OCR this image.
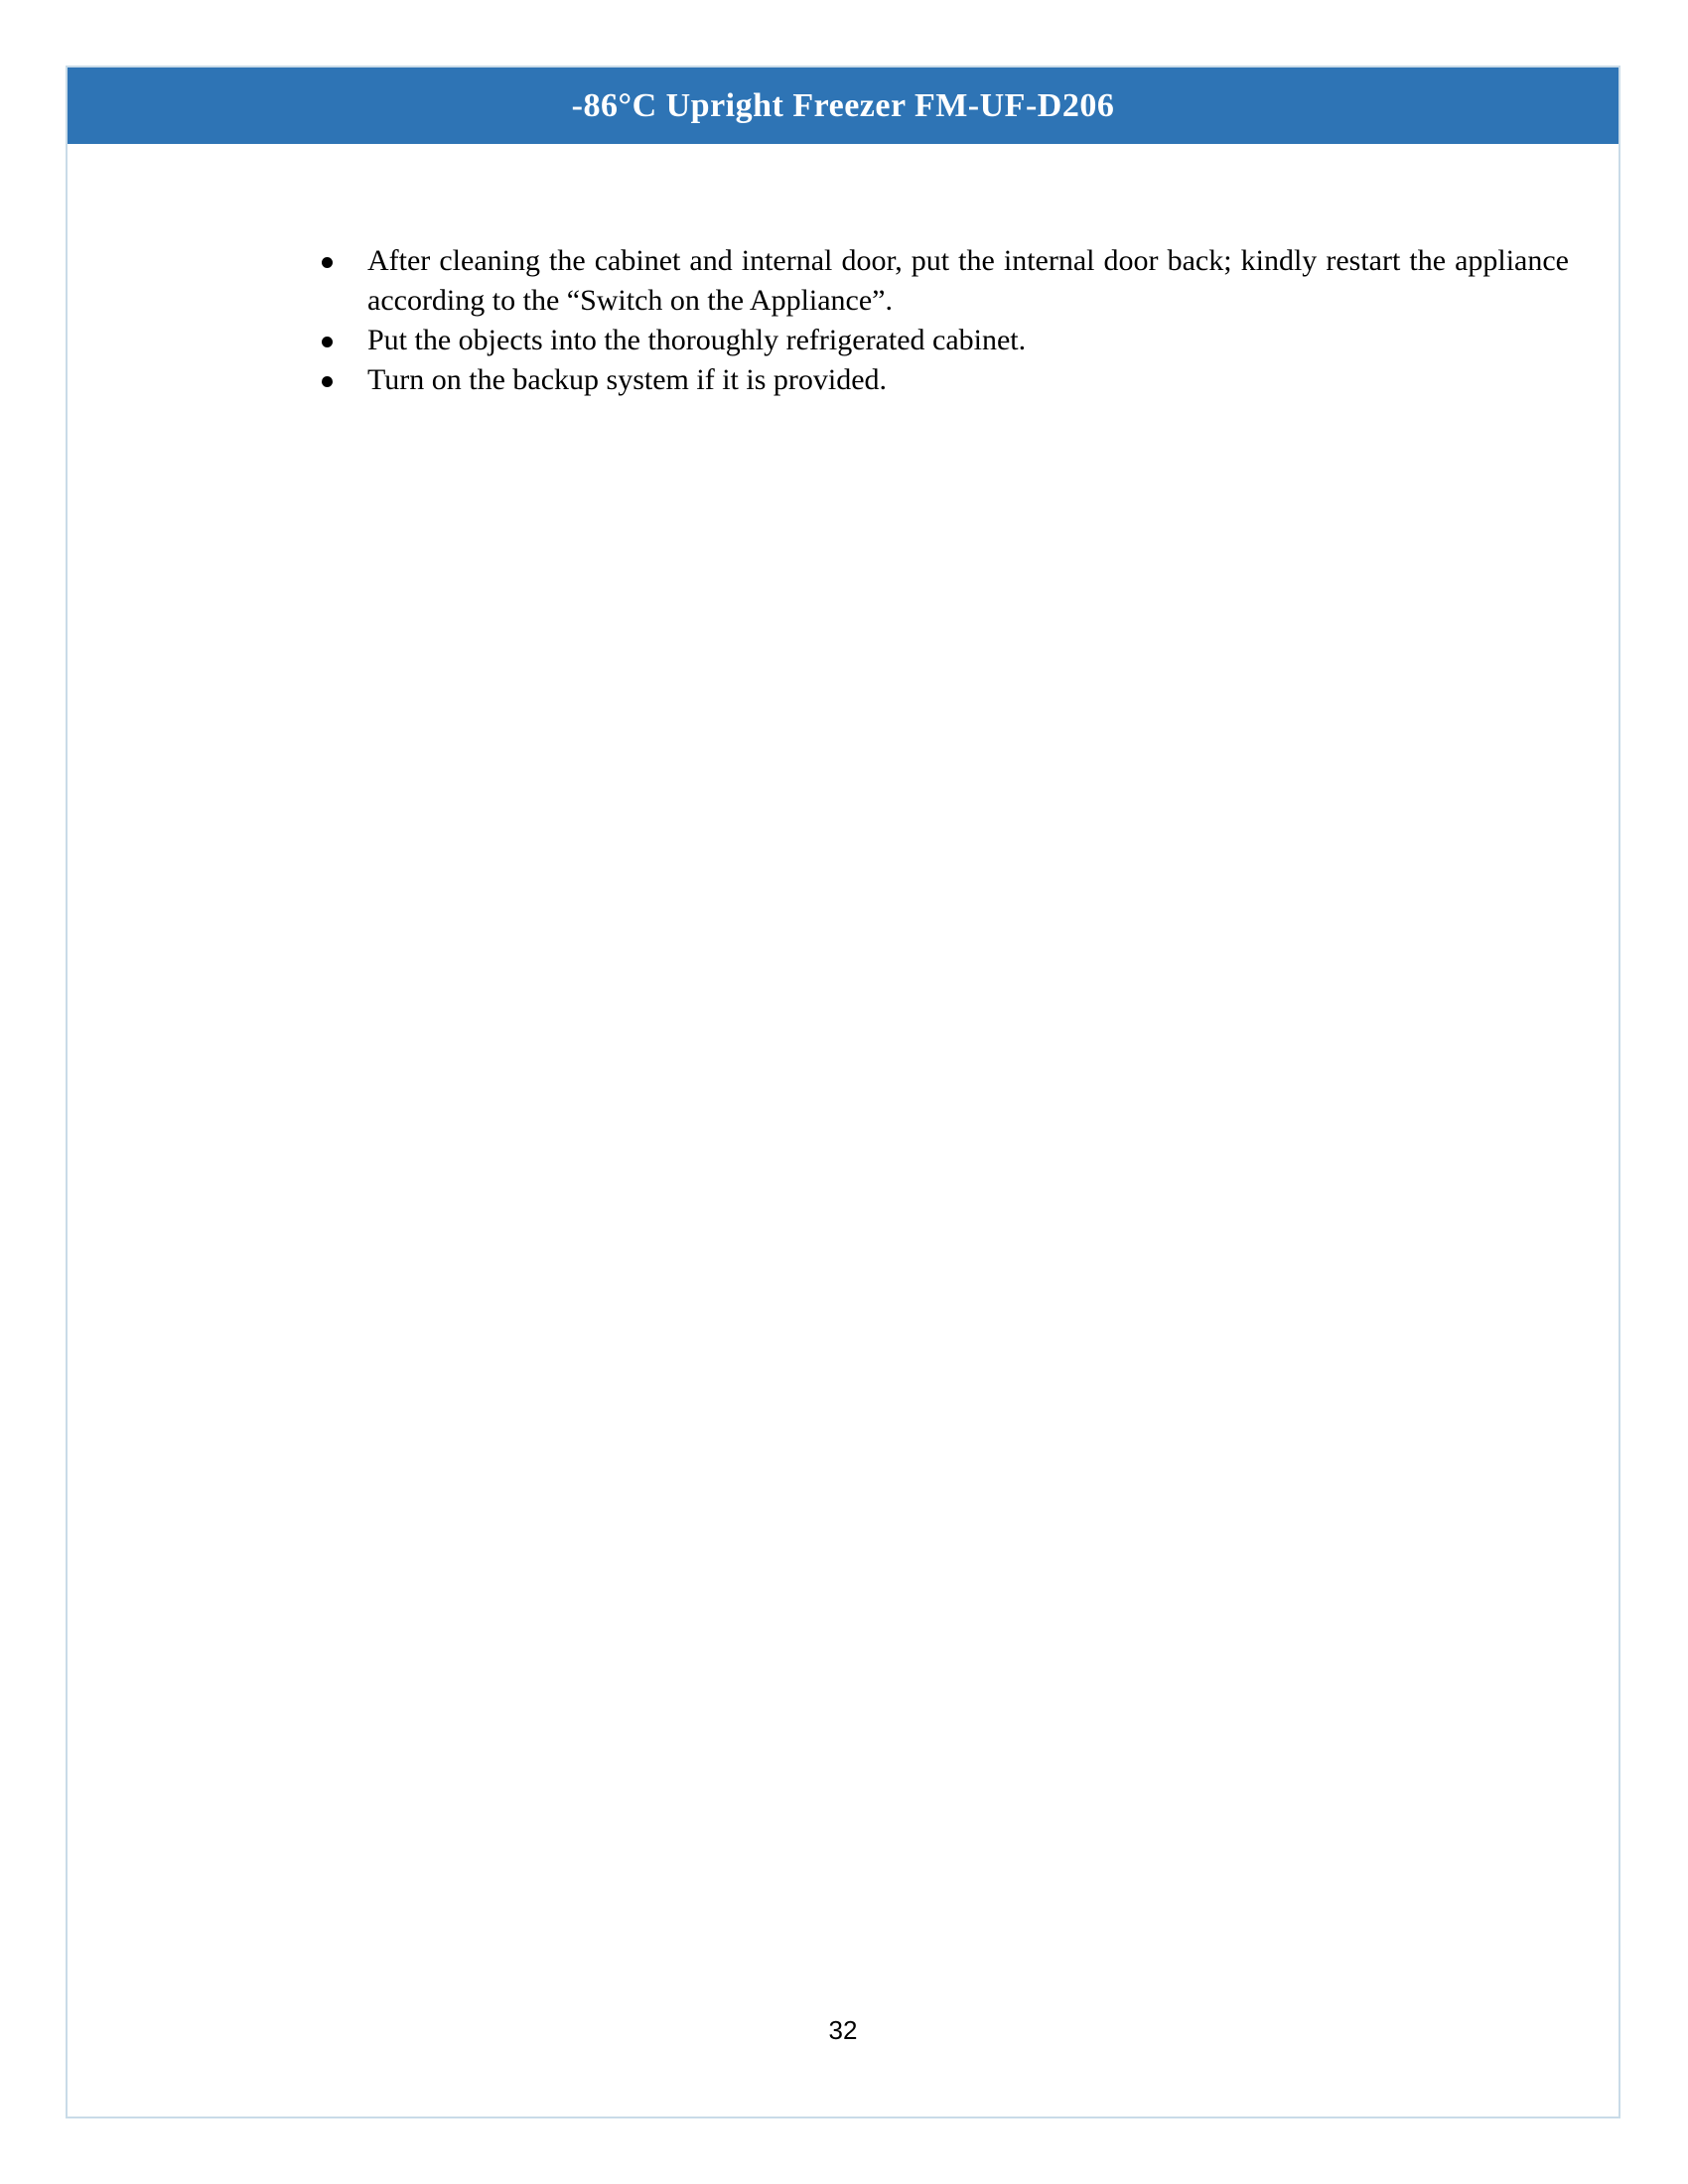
-86°C Upright Freezer FM-UF-D206
After cleaning the cabinet and internal door, put the internal door back; kindly restart the appliance according to the “Switch on the Appliance”.
Put the objects into the thoroughly refrigerated cabinet.
Turn on the backup system if it is provided.
32
